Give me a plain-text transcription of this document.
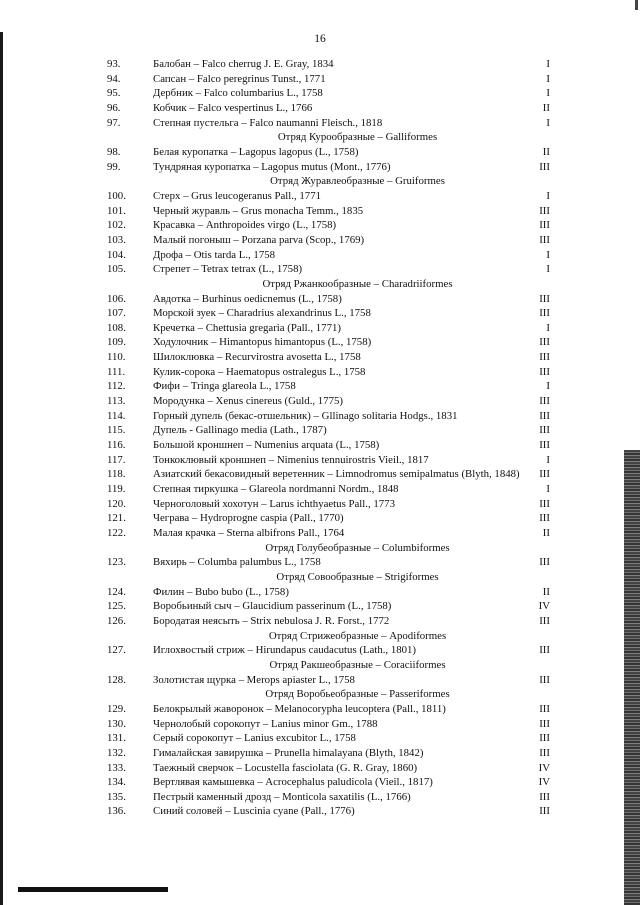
16
93.	Балобан – Falco cherrug J. E. Gray, 1834	I
94.	Сапсан – Falco peregrinus Tunst., 1771	I
95.	Дербник – Falco columbarius L., 1758	I
96.	Кобчик – Falco vespertinus L., 1766	II
97.	Степная пустельга – Falco naumanni Fleisch., 1818	I
Отряд Курообразные – Galliformes
98.	Белая куропатка – Lagopus lagopus (L., 1758)	II
99.	Тундряная куропатка – Lagopus mutus (Mont., 1776)	III
Отряд Журавлеобразные – Gruiformes
100.	Стерх – Grus leucogeranus Pall., 1771	I
101.	Черный журавль – Grus monacha Temm., 1835	III
102.	Красавка – Anthropoides virgo (L., 1758)	III
103.	Малый погоныш – Porzana parva (Scop., 1769)	III
104.	Дрофа – Otis tarda L., 1758	I
105.	Стрепет – Tetrax tetrax (L., 1758)	I
Отряд Ржанкообразные – Charadriiformes
106.	Авдотка – Burhinus oedicnemus (L., 1758)	III
107.	Морской зуек – Charadrius alexandrinus L., 1758	III
108.	Кречетка – Chettusia gregaria (Pall., 1771)	I
109.	Ходулочник – Himantopus himantopus (L., 1758)	III
110.	Шилоклювка – Recurvirostra avosetta L., 1758	III
111.	Кулик-сорока – Haematopus ostralegus L., 1758	III
112.	Фифи – Tringa glareola L., 1758	I
113.	Мородунка – Xenus cinereus (Guld., 1775)	III
114.	Горный дупель (бекас-отшельник) – Gllinago solitaria Hodgs., 1831	III
115.	Дупель - Gallinago media (Lath., 1787)	III
116.	Большой кроншнеп – Numenius arquata (L., 1758)	III
117.	Тонкоклювый кроншнеп – Nimenius tennuirostris Vieil., 1817	I
118.	Азиатский бекасовидный веретенник – Limnodromus semipalmatus (Blyth, 1848)	III
119.	Степная тиркушка – Glareola nordmanni Nordm., 1848	I
120.	Черноголовый хохотун – Larus ichthyaetus Pall., 1773	III
121.	Чеграва – Hydroprogne caspia (Pall., 1770)	III
122.	Малая крачка – Sterna albifrons Pall., 1764	II
Отряд Голубеобразные – Columbiformes
123.	Вяхирь – Columba palumbus L., 1758	III
Отряд Совообразные – Strigiformes
124.	Филин – Bubo bubo (L., 1758)	II
125.	Воробьиный сыч – Glaucidium passerinum (L., 1758)	IV
126.	Бородатая неясыть – Strix nebulosa J. R. Forst., 1772	III
Отряд Стрижеобразные – Apodiformes
127.	Иглохвостый стриж – Hirundapus caudacutus (Lath., 1801)	III
Отряд Ракшеобразные – Coraciiformes
128.	Золотистая щурка – Merops apiaster L., 1758	III
Отряд Воробьеобразные – Passeriformes
129.	Белокрылый жаворонок – Melanocorypha leucoptera (Pall., 1811)	III
130.	Чернолобый сорокопут – Lanius minor Gm., 1788	III
131.	Серый сорокопут – Lanius excubitor L., 1758	III
132.	Гималайская завирушка – Prunella himalayana (Blyth, 1842)	III
133.	Таежный сверчок – Locustella fasciolata (G. R. Gray, 1860)	IV
134.	Вертлявая камышевка – Acrocephalus paludicola (Vieil., 1817)	IV
135.	Пестрый каменный дрозд – Monticola saxatilis (L., 1766)	III
136.	Синий соловей – Luscinia cyane (Pall., 1776)	III
